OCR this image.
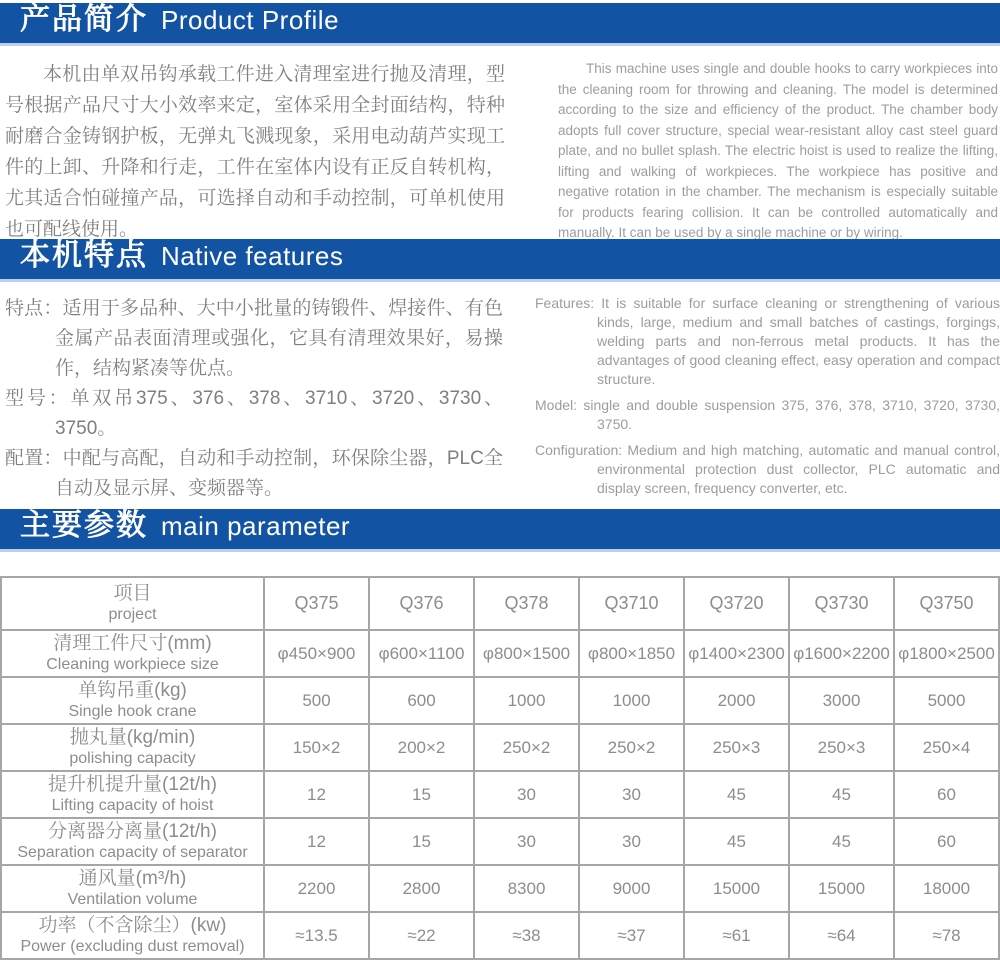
产品简介 Product Profile

本机由单双吊钩承载工件进入清理室进行抛及清理，型号根据产品尺寸大小效率来定，室体采用全封面结构，特种耐磨合金铸钢护板，无弹丸飞溅现象，采用电动葫芦实现工件的上卸、升降和行走，工件在室体内设有正反自转机构，尤其适合怕碰撞产品，可选择自动和手动控制，可单机使用也可配线使用。

This machine uses single and double hooks to carry workpieces into the cleaning room for throwing and cleaning. The model is determined according to the size and efficiency of the product. The chamber body adopts full cover structure, special wear-resistant alloy cast steel guard plate, and no bullet splash. The electric hoist is used to realize the lifting, lifting and walking of workpieces. The workpiece has positive and negative rotation in the chamber. The mechanism is especially suitable for products fearing collision. It can be controlled automatically and manually. It can be used by a single machine or by wiring.

本机特点 Native features

特点：适用于多品种、大中小批量的铸锻件、焊接件、有色金属产品表面清理或强化，它具有清理效果好，易操作，结构紧凑等优点。

型号：单双吊375、376、378、3710、3720、3730、3750。

配置：中配与高配，自动和手动控制，环保除尘器，PLC全自动及显示屏、变频器等。

Features: It is suitable for surface cleaning or strengthening of various kinds, large, medium and small batches of castings, forgings, welding parts and non-ferrous metal products. It has the advantages of good cleaning effect, easy operation and compact structure.

Model: single and double suspension 375, 376, 378, 3710, 3720, 3730, 3750.

Configuration: Medium and high matching, automatic and manual control, environmental protection dust collector, PLC automatic and display screen, frequency converter, etc.

主要参数 main parameter
项目
project	Q375	Q376	Q378	Q3710	Q3720	Q3730	Q3750

清理工件尺寸(mm)
Cleaning workpiece size	φ450×900	φ600×1100	φ800×1500	φ800×1850	φ1400×2300	φ1600×2200	φ1800×2500

单钩吊重(kg)
Single hook crane	500	600	1000	1000	2000	3000	5000

抛丸量(kg/min)
polishing capacity	150×2	200×2	250×2	250×2	250×3	250×3	250×4

提升机提升量(12t/h)
Lifting capacity of hoist	12	15	30	30	45	45	60

分离器分离量(12t/h)
Separation capacity of separator	12	15	30	30	45	45	60

通风量(m³/h)
Ventilation volume	2200	2800	8300	9000	15000	15000	18000

功率（不含除尘）(kw)
Power (excluding dust removal)	≈13.5	≈22	≈38	≈37	≈61	≈64	≈78
